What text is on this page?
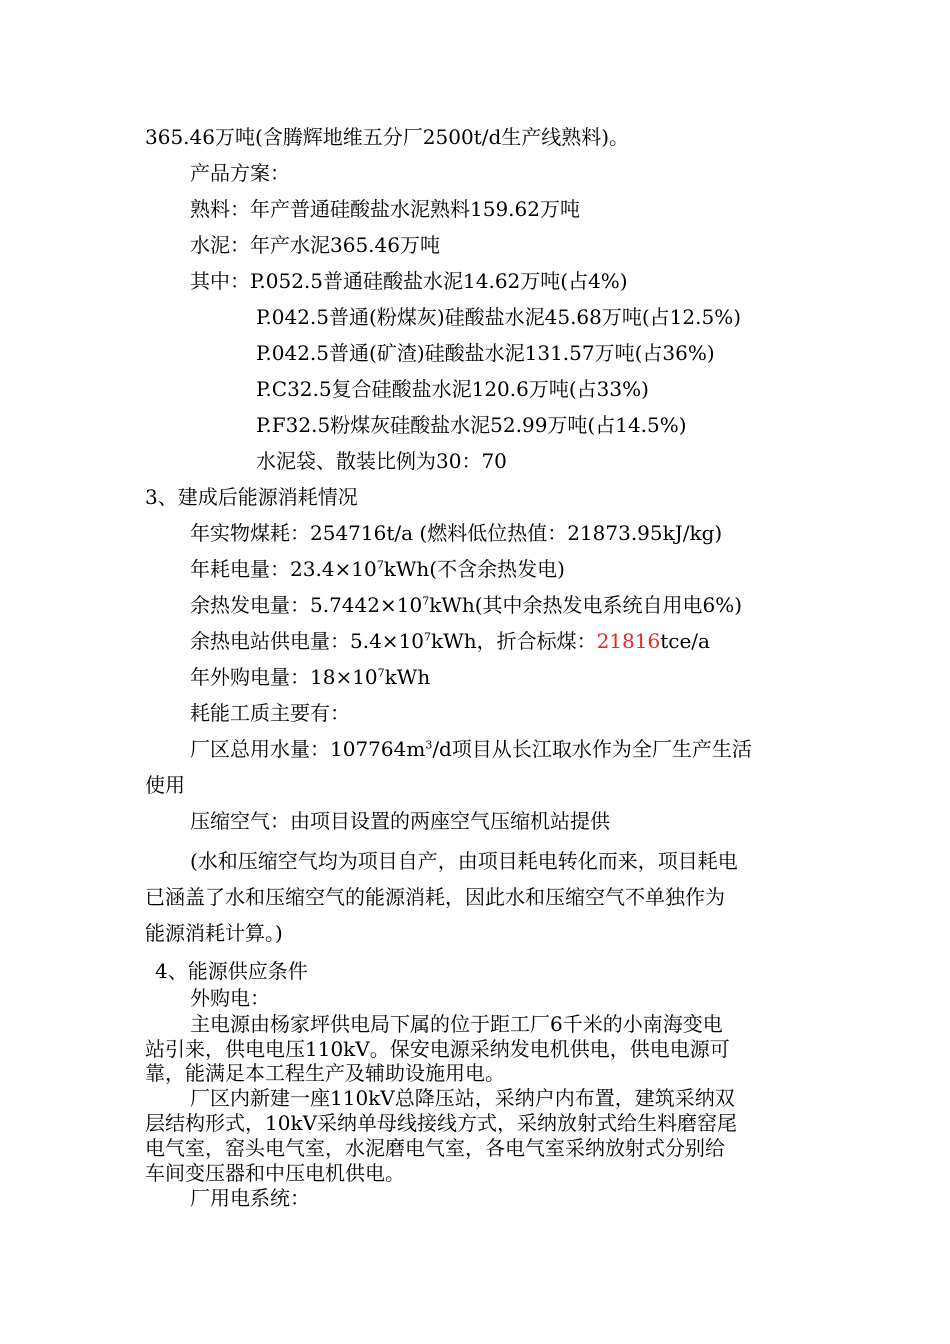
365.46万吨(含腾辉地维五分厂2500t/d生产线熟料)。
产品方案：
熟料：年产普通硅酸盐水泥熟料159.62万吨
水泥：年产水泥365.46万吨
其中：P.052.5普通硅酸盐水泥14.62万吨(占4%)
P.042.5普通(粉煤灰)硅酸盐水泥45.68万吨(占12.5%)
P.042.5普通(矿渣)硅酸盐水泥131.57万吨(占36%)
P.C32.5复合硅酸盐水泥120.6万吨(占33%)
P.F32.5粉煤灰硅酸盐水泥52.99万吨(占14.5%)
水泥袋、散装比例为30：70
3、建成后能源消耗情况
年实物煤耗：254716t/a (燃料低位热值：21873.95kJ/kg)
年耗电量：$23.4\times 10^7kWh$(不含余热发电)
余热发电量：$5.7442\times 10^7kWh$(其中余热发电系统自用电6%)
余热电站供电量：$5.4\times 10^7kWh$，折合标煤：21816tce/a
年外购电量：$18\times 10^7kWh$
耗能工质主要有：
厂区总用水量：$107764m^3/d$项目从长江取水作为全厂生产生活
使用
压缩空气：由项目设置的两座空气压缩机站提供
(水和压缩空气均为项目自产，由项目耗电转化而来，项目耗电
已涵盖了水和压缩空气的能源消耗，因此水和压缩空气不单独作为
能源消耗计算。)
4、能源供应条件
外购电：
主电源由杨家坪供电局下属的位于距工厂6千米的小南海变电
站引来，供电电压110kV。保安电源采纳发电机供电，供电电源可
靠，能满足本工程生产及辅助设施用电。
厂区内新建一座110kV总降压站，采纳户内布置，建筑采纳双
层结构形式，10kV采纳单母线接线方式，采纳放射式给生料磨窑尾
电气室，窑头电气室，水泥磨电气室，各电气室采纳放射式分别给
车间变压器和中压电机供电。
厂用电系统：
